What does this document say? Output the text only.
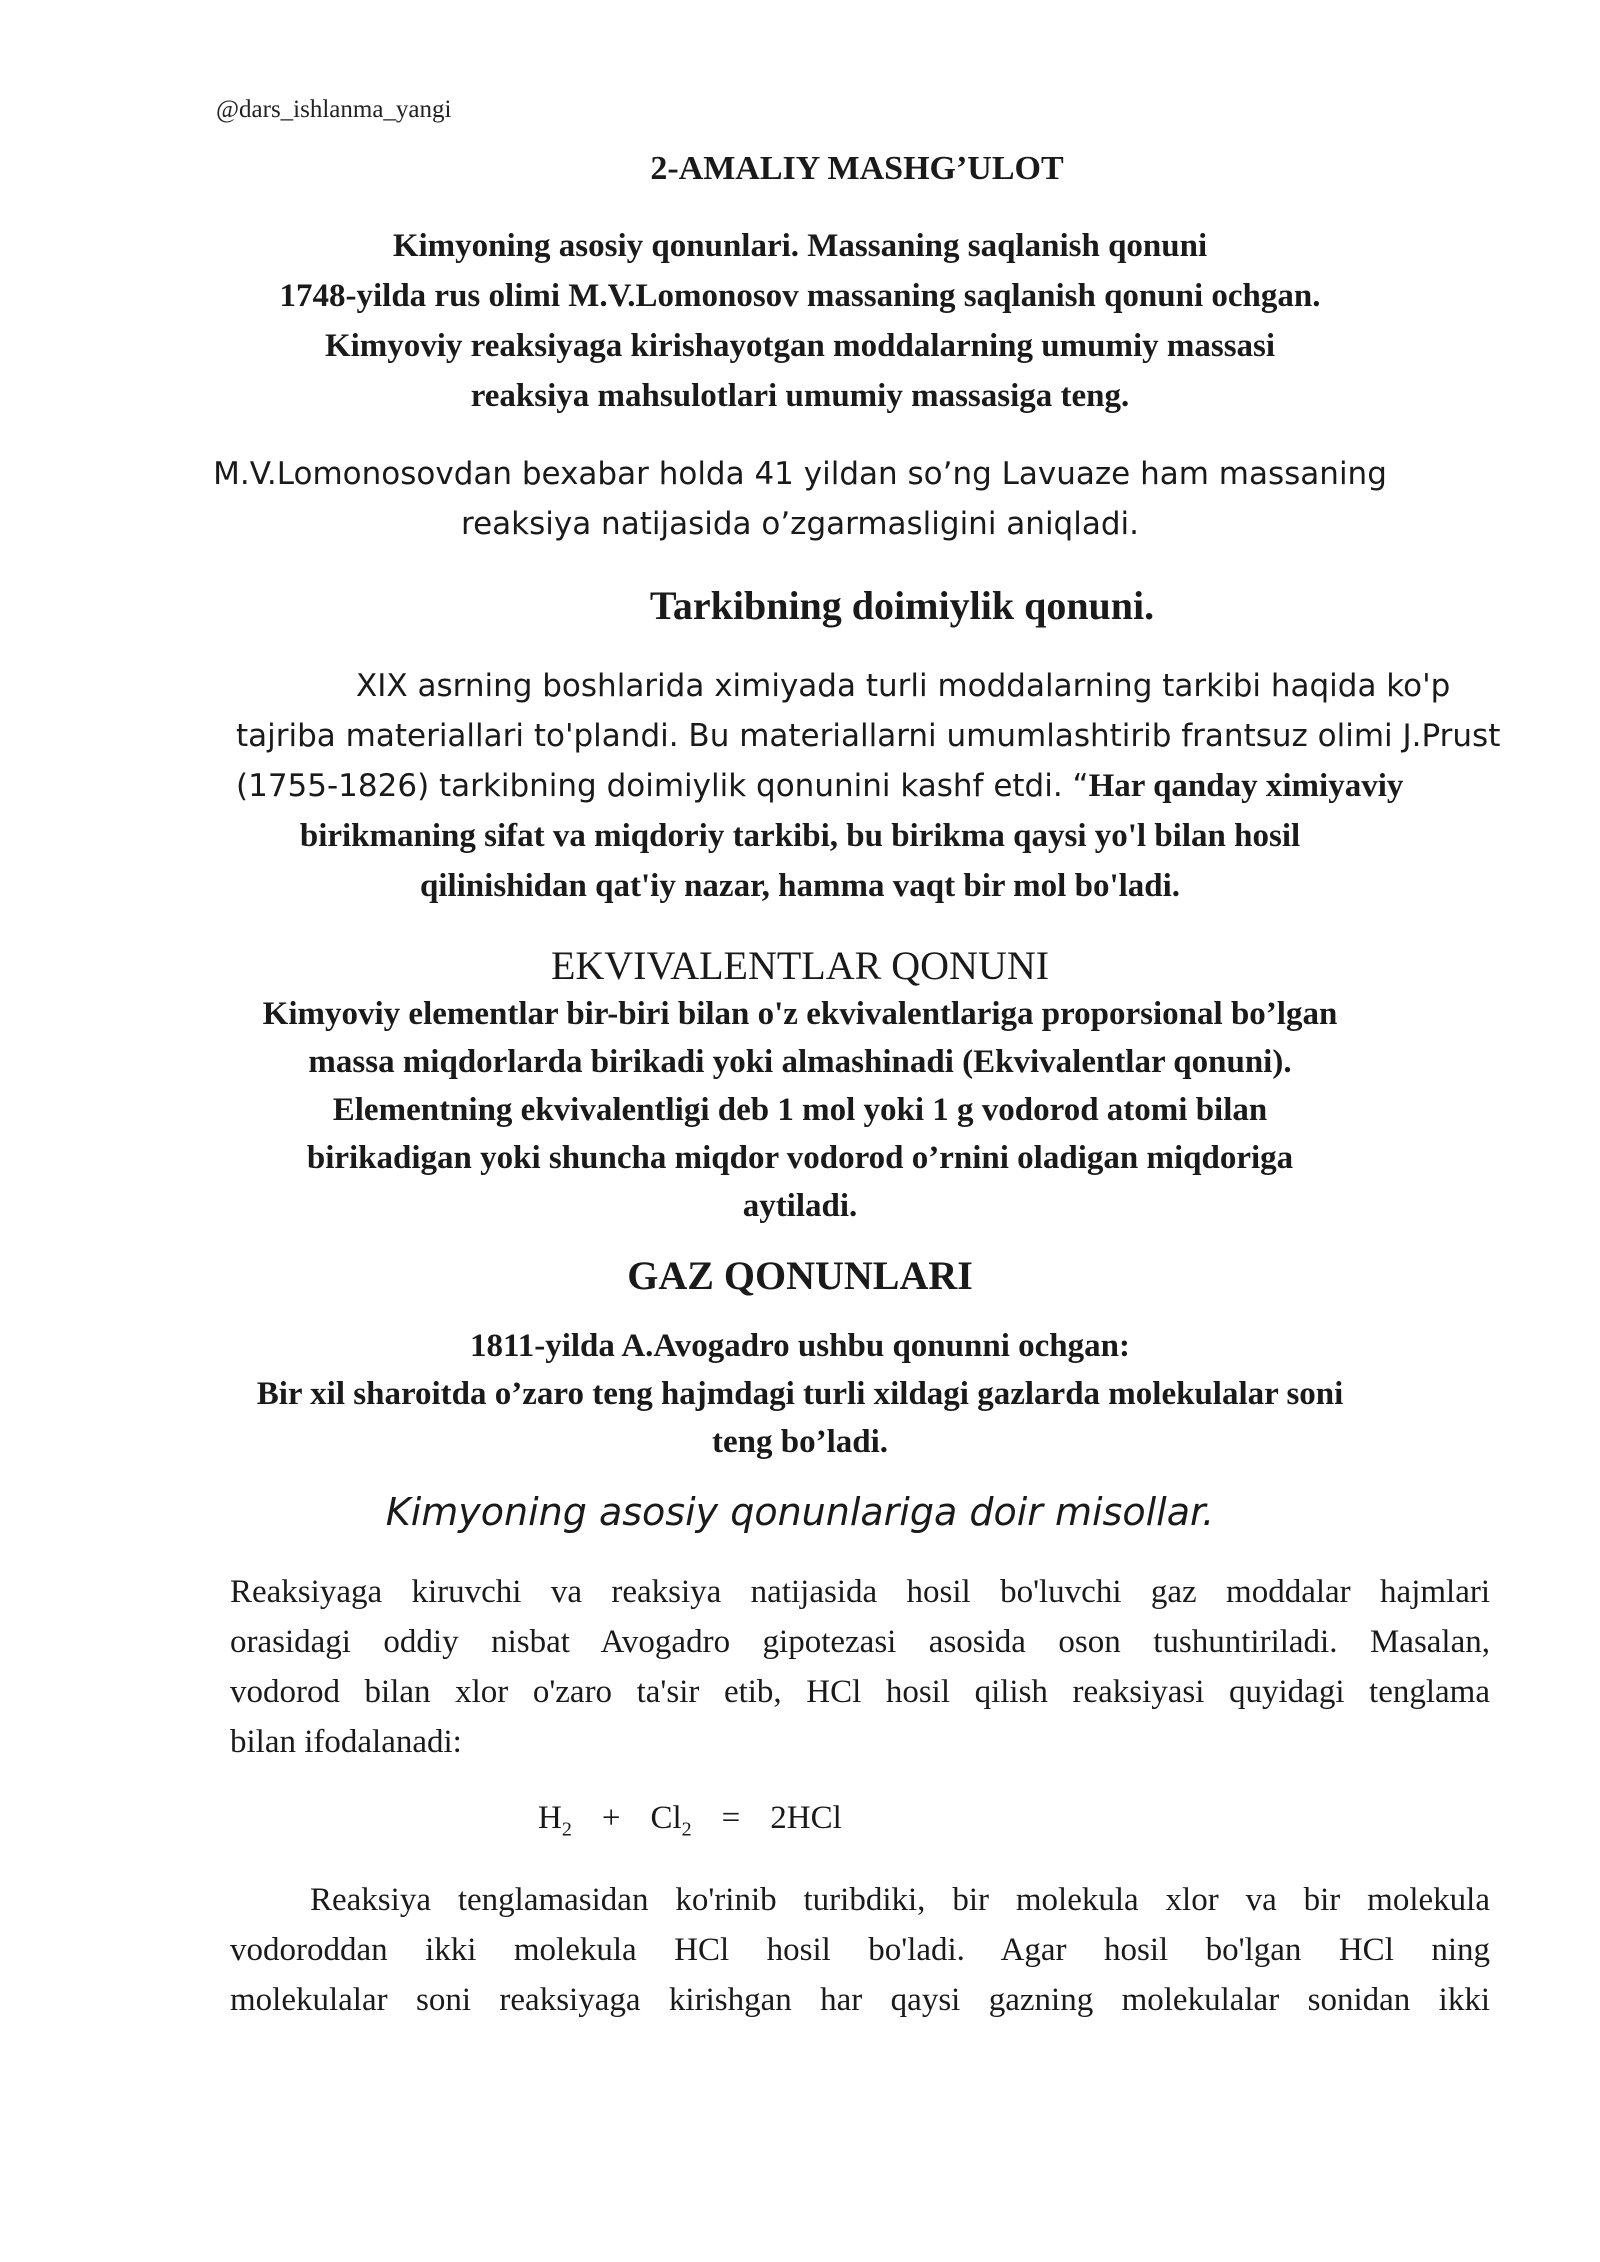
@dars_ishlanma_yangi
2-AMALIY MASHG’ULOT
Kimyoning asosiy qonunlari. Massaning saqlanish qonuni
1748-yilda rus olimi M.V.Lomonosov massaning saqlanish qonuni ochgan.
Kimyoviy reaksiyaga kirishayotgan moddalarning umumiy massasi
reaksiya mahsulotlari umumiy massasiga teng.
M.V.Lomonosovdan bexabar holda 41 yildan so’ng Lavuaze ham massaning
reaksiya natijasida o’zgarmasligini aniqladi.
Tarkibning doimiylik qonuni.
XIX asrning boshlarida ximiyada turli moddalarning tarkibi haqida ko'p
tajriba materiallari to'plandi. Bu materiallarni umumlashtirib frantsuz olimi J.Prust
(1755-1826) tarkibning doimiylik qonunini kashf etdi. “Har qanday ximiyaviy
birikmaning sifat va miqdoriy tarkibi, bu birikma qaysi yo'l bilan hosil
qilinishidan qat'iy nazar, hamma vaqt bir mol bo'ladi.
EKVIVALENTLAR QONUNI
Kimyoviy elementlar bir-biri bilan o'z ekvivalentlariga proporsional bo’lgan
massa miqdorlarda birikadi yoki almashinadi (Ekvivalentlar qonuni).
Elementning ekvivalentligi deb 1 mol yoki 1 g vodorod atomi bilan
birikadigan yoki shuncha miqdor vodorod o’rnini oladigan miqdoriga
aytiladi.
GAZ QONUNLARI
1811-yilda A.Avogadro ushbu qonunni ochgan:
Bir xil sharoitda o’zaro teng hajmdagi turli xildagi gazlarda molekulalar soni
teng bo’ladi.
Kimyoning asosiy qonunlariga doir misollar.
Reaksiyaga kiruvchi va reaksiya natijasida hosil bo'luvchi gaz moddalar hajmlari
orasidagi oddiy nisbat Avogadro gipotezasi asosida oson tushuntiriladi. Masalan,
vodorod bilan xlor o'zaro ta'sir etib, HCl hosil qilish reaksiyasi quyidagi tenglama
bilan ifodalanadi:
$H_2 + Cl_2 = 2HCl$
Reaksiya tenglamasidan ko'rinib turibdiki, bir molekula xlor va bir molekula
vodoroddan ikki molekula HCl hosil bo'ladi. Agar hosil bo'lgan HCl ning
molekulalar soni reaksiyaga kirishgan har qaysi gazning molekulalar sonidan ikki
